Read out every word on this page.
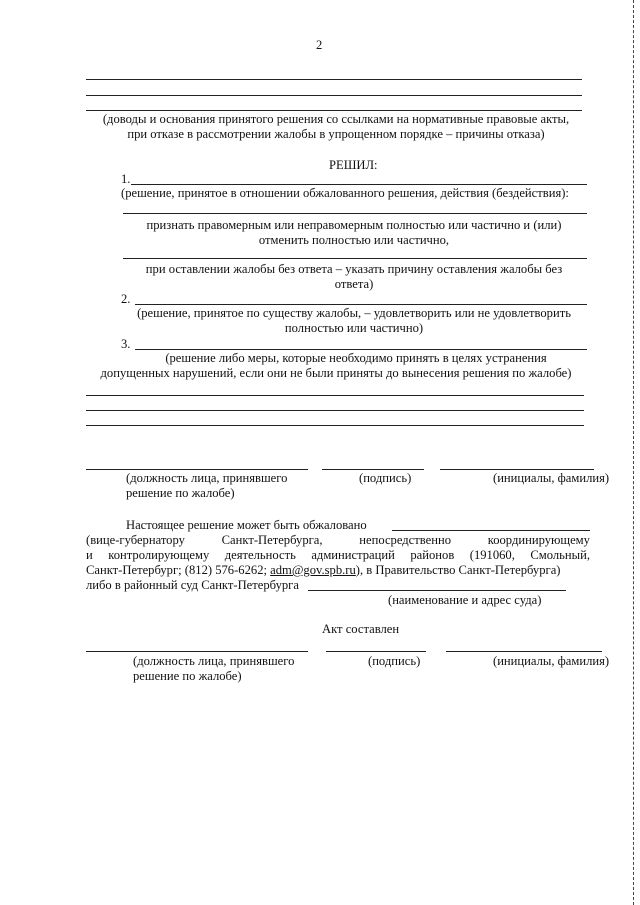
2
(доводы и основания принятого решения со ссылками на нормативные правовые акты, при отказе в рассмотрении жалобы в упрощенном порядке – причины отказа)
РЕШИЛ:
1.
(решение, принятое в отношении обжалованного решения, действия (бездействия):
признать правомерным или неправомерным полностью или частично и (или) отменить полностью или частично,
при оставлении жалобы без ответа – указать причину оставления жалобы без ответа)
2.
(решение, принятое по существу жалобы, – удовлетворить или не удовлетворить полностью или частично)
3.
(решение либо меры, которые необходимо принять в целях устранения
допущенных нарушений, если они не были приняты до вынесения решения по жалобе)
(должность лица, принявшего решение по жалобе)
(подпись)	(инициалы, фамилия)
Настоящее решение может быть обжаловано
(вице-губернатору	Санкт-Петербурга,	непосредственно	координирующему
и контролирующему деятельность администраций районов (191060, Смольный,
Санкт-Петербург; (812) 576-6262; adm@gov.spb.ru), в Правительство Санкт-Петербурга)
либо в районный суд Санкт-Петербурга
(наименование и адрес суда)
Акт составлен
(должность лица, принявшего решение по жалобе)
(подпись)	(инициалы, фамилия)
